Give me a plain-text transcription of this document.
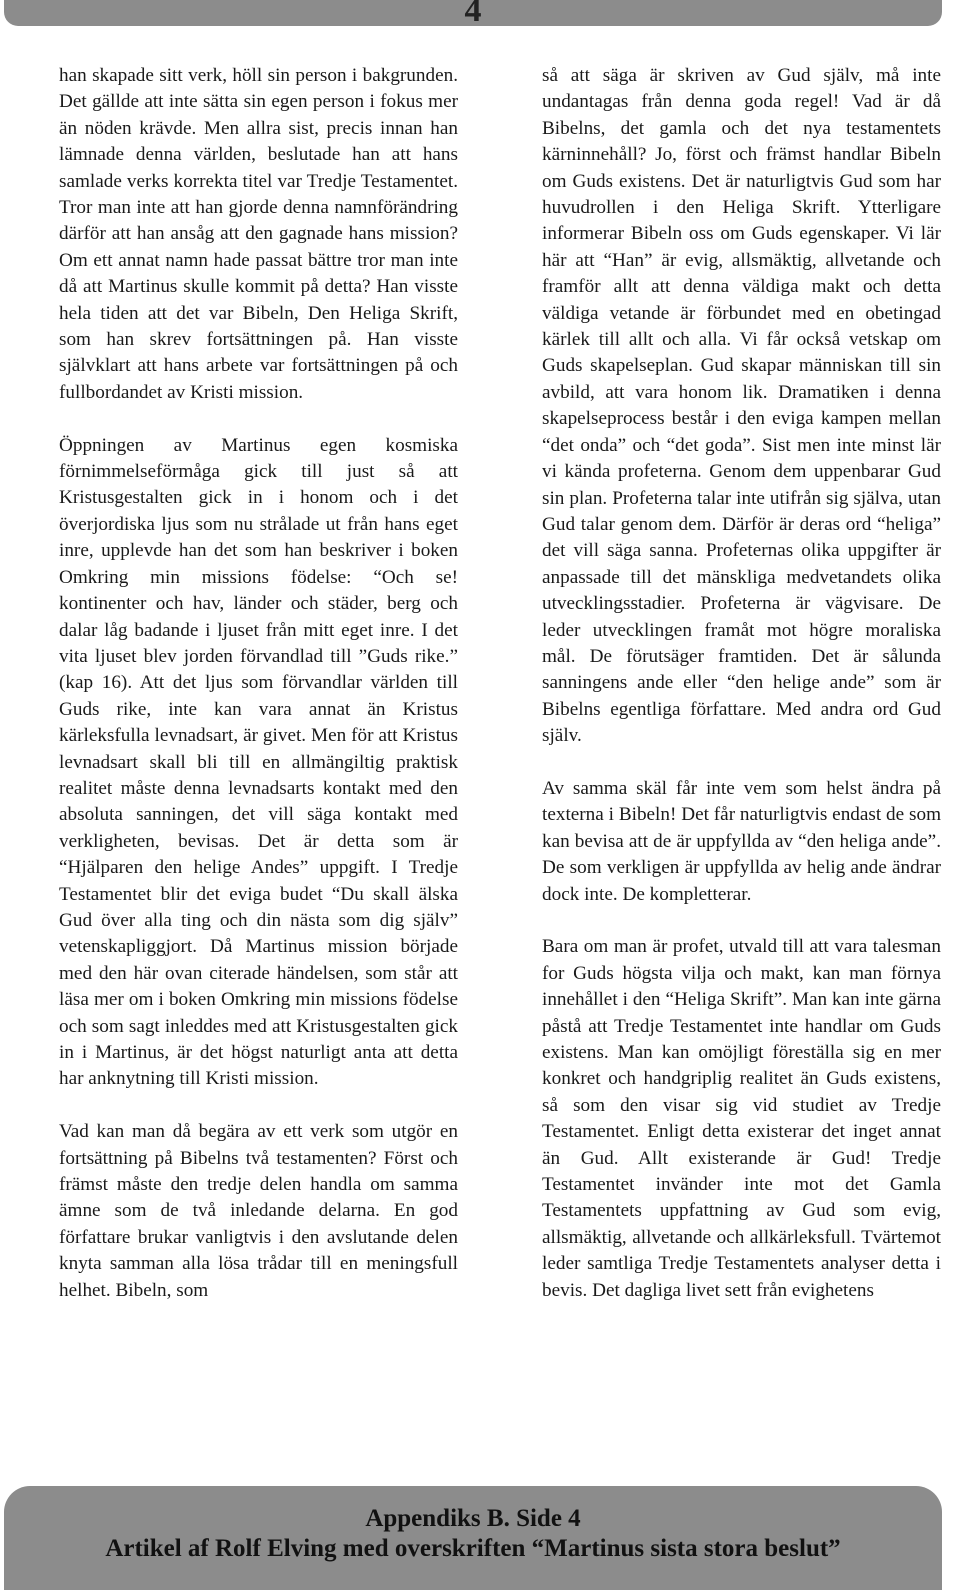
4

han skapade sitt verk, höll sin person i bakgrunden. Det gällde att inte sätta sin egen person i fokus mer än nöden krävde. Men allra sist, precis innan han lämnade denna världen, beslutade han att hans samlade verks korrekta titel var Tredje Testamentet. Tror man inte att han gjorde denna namnförändring därför att han ansåg att den gagnade hans mission? Om ett annat namn hade passat bättre tror man inte då att Martinus skulle kommit på detta? Han visste hela tiden att det var Bibeln, Den Heliga Skrift, som han skrev fortsättningen på. Han visste självklart att hans arbete var fortsättningen på och fullbordandet av Kristi mission.

Öppningen av Martinus egen kosmiska förnimmelseförmåga gick till just så att Kristusgestalten gick in i honom och i det överjordiska ljus som nu strålade ut från hans eget inre, upplevde han det som han beskriver i boken Omkring min missions födelse: “Och se! kontinenter och hav, länder och städer, berg och dalar låg badande i ljuset från mitt eget inre. I det vita ljuset blev jorden förvandlad till ”Guds rike.” (kap 16). Att det ljus som förvandlar världen till Guds rike, inte kan vara annat än Kristus kärleksfulla levnadsart, är givet. Men för att Kristus levnadsart skall bli till en allmängiltig praktisk realitet måste denna levnadsarts kontakt med den absoluta sanningen, det vill säga kontakt med verkligheten, bevisas. Det är detta som är “Hjälparen den helige Andes” uppgift. I Tredje Testamentet blir det eviga budet “Du skall älska Gud över alla ting och din nästa som dig själv” vetenskapliggjort. Då Martinus mission började med den här ovan citerade händelsen, som står att läsa mer om i boken Omkring min missions födelse och som sagt inleddes med att Kristusgestalten gick in i Martinus, är det högst naturligt anta att detta har anknytning till Kristi mission.

Vad kan man då begära av ett verk som utgör en fortsättning på Bibelns två testamenten? Först och främst måste den tredje delen handla om samma ämne som de två inledande delarna. En god författare brukar vanligtvis i den avslutande delen knyta samman alla lösa trådar till en meningsfull helhet. Bibeln, som

så att säga är skriven av Gud själv, må inte undantagas från denna goda regel! Vad är då Bibelns, det gamla och det nya testamentets kärninnehåll? Jo, först och främst handlar Bibeln om Guds existens. Det är naturligtvis Gud som har huvudrollen i den Heliga Skrift. Ytterligare informerar Bibeln oss om Guds egenskaper. Vi lär här att “Han” är evig, allsmäktig, allvetande och framför allt att denna väldiga makt och detta väldiga vetande är förbundet med en obetingad kärlek till allt och alla. Vi får också vetskap om Guds skapelseplan. Gud skapar människan till sin avbild, att vara honom lik. Dramatiken i denna skapelseprocess består i den eviga kampen mellan “det onda” och “det goda”. Sist men inte minst lär vi kända profeterna. Genom dem uppenbarar Gud sin plan. Profeterna talar inte utifrån sig själva, utan Gud talar genom dem. Därför är deras ord “heliga” det vill säga sanna. Profeternas olika uppgifter är anpassade till det mänskliga medvetandets olika utvecklingsstadier. Profeterna är vägvisare. De leder utvecklingen framåt mot högre moraliska mål. De förutsäger framtiden. Det är sålunda sanningens ande eller “den helige ande” som är Bibelns egentliga författare. Med andra ord Gud själv.

Av samma skäl får inte vem som helst ändra på texterna i Bibeln! Det får naturligtvis endast de som kan bevisa att de är uppfyllda av “den heliga ande”. De som verkligen är uppfyllda av helig ande ändrar dock inte. De kompletterar.

Bara om man är profet, utvald till att vara talesman for Guds högsta vilja och makt, kan man förnya innehållet i den “Heliga Skrift”. Man kan inte gärna påstå att Tredje Testamentet inte handlar om Guds existens. Man kan omöjligt föreställa sig en mer konkret och handgriplig realitet än Guds existens, så som den visar sig vid studiet av Tredje Testamentet. Enligt detta existerar det inget annat än Gud. Allt existerande är Gud! Tredje Testamentet invänder inte mot det Gamla Testamentets uppfattning av Gud som evig, allsmäktig, allvetande och allkärleksfull. Tvärtemot leder samtliga Tredje Testamentets analyser detta i bevis. Det dagliga livet sett från evighetens

Appendiks B. Side 4
Artikel af Rolf Elving med overskriften “Martinus sista stora beslut”
